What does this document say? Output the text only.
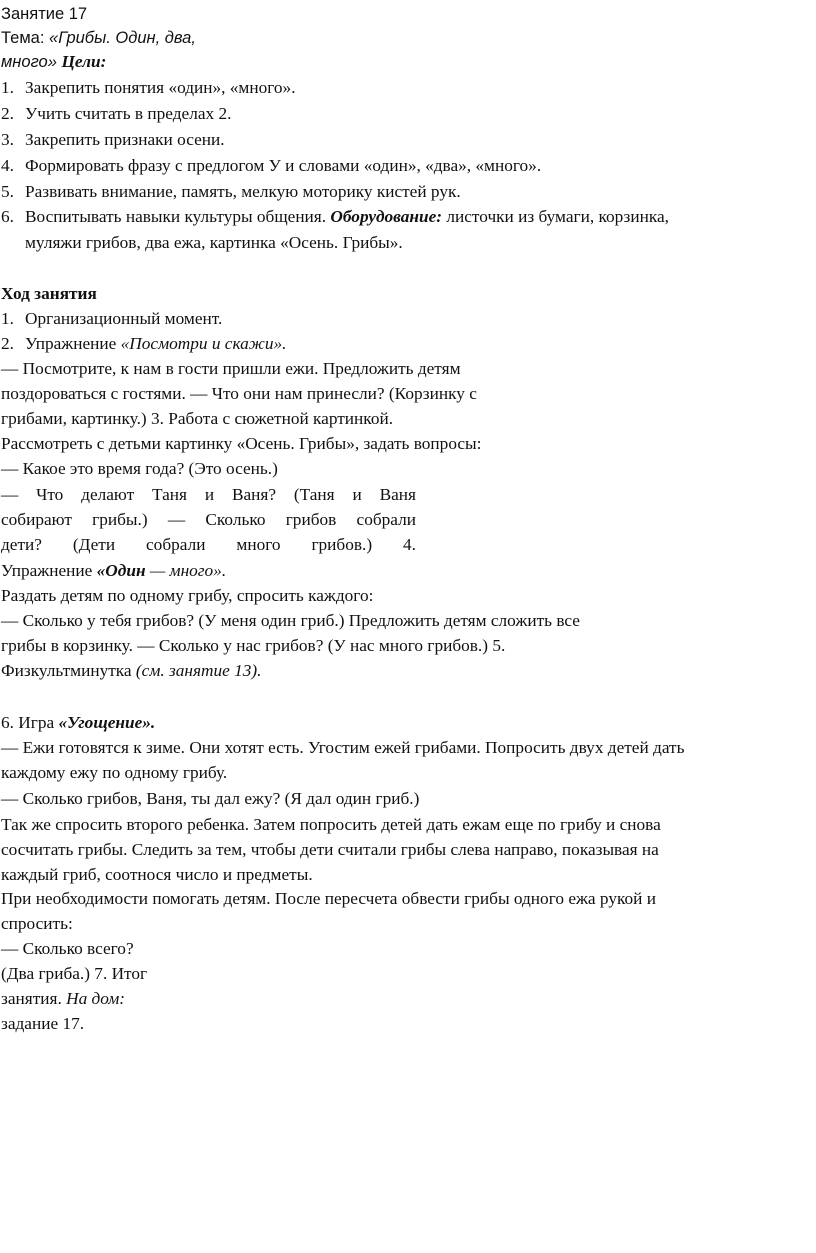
Занятие 17
Тема: «Грибы. Один, два,
много» Цели:
1. Закрепить понятия «один», «много».
2. Учить считать в пределах 2.
3. Закрепить признаки осени.
4. Формировать фразу с предлогом У и словами «один», «два», «много».
5. Развивать внимание, память, мелкую моторику кистей рук.
6. Воспитывать навыки культуры общения. Оборудование: листочки из бумаги, корзинка,
муляжи грибов, два ежа, картинка «Осень. Грибы».
Ход занятия
1. Организационный момент.
2. Упражнение «Посмотри и скажи».
— Посмотрите, к нам в гости пришли ежи. Предложить детям
поздороваться с гостями. — Что они нам принесли? (Корзинку с
грибами, картинку.) 3. Работа с сюжетной картинкой.
Рассмотреть с детьми картинку «Осень. Грибы», задать вопросы:
— Какое это время года? (Это осень.)
— Что делают Таня и Ваня? (Таня и Ваня
собирают грибы.) — Сколько грибов собрали
дети? (Дети собрали много грибов.) 4.
Упражнение «Один — много».
Раздать детям по одному грибу, спросить каждого:
— Сколько у тебя грибов? (У меня один гриб.) Предложить детям сложить все
грибы в корзинку. — Сколько у нас грибов? (У нас много грибов.) 5.
Физкультминутка (см. занятие 13).
6. Игра «Угощение».
— Ежи готовятся к зиме. Они хотят есть. Угостим ежей грибами. Попросить двух детей дать
каждому ежу по одному грибу.
— Сколько грибов, Ваня, ты дал ежу? (Я дал один гриб.)
Так же спросить второго ребенка. Затем попросить детей дать ежам еще по грибу и снова
сосчитать грибы. Следить за тем, чтобы дети считали грибы слева направо, показывая на
каждый гриб, соотнося число и предметы.
При необходимости помогать детям. После пересчета обвести грибы одного ежа рукой и
спросить:
— Сколько всего?
(Два гриба.) 7. Итог
занятия. На дом:
задание 17.
